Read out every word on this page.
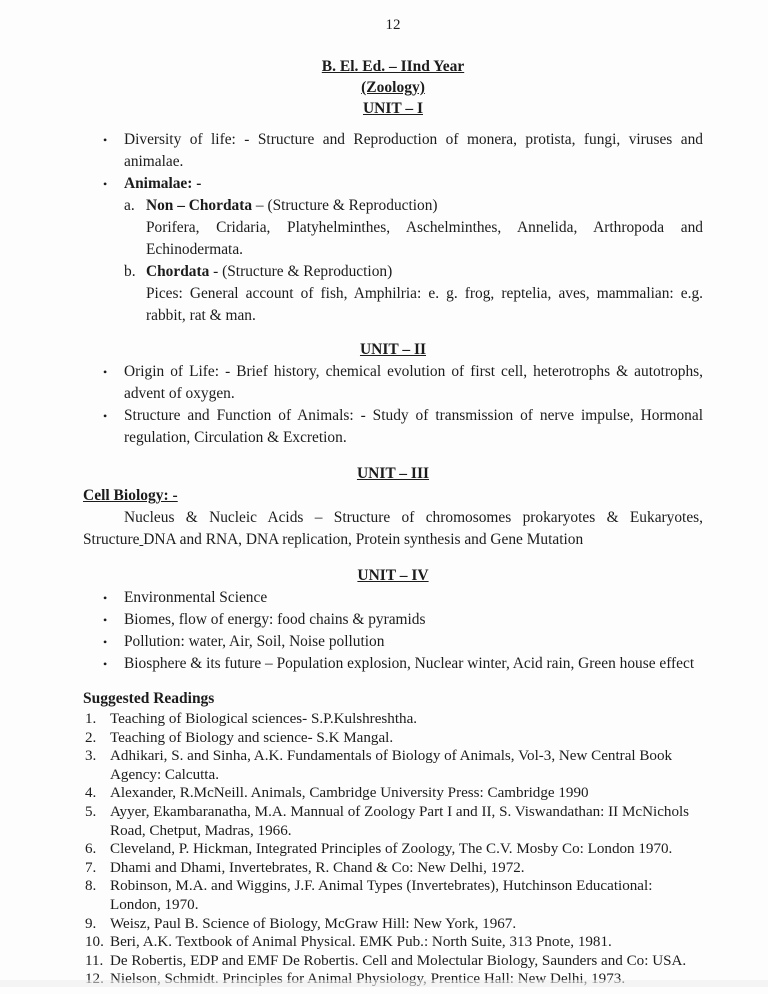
12
B. El. Ed. – IInd Year
(Zoology)
UNIT – I
•	Diversity of life: - Structure and Reproduction of monera, protista, fungi, viruses and animalae.
•	Animalae: -
a. Non – Chordata – (Structure & Reproduction)
Porifera, Cridaria, Platyhelminthes, Aschelminthes, Annelida, Arthropoda and Echinodermata.
b. Chordata - (Structure & Reproduction)
Pices: General account of fish, Amphilria: e. g. frog, reptelia, aves, mammalian: e.g. rabbit, rat & man.
UNIT – II
•	Origin of Life: - Brief history, chemical evolution of first cell, heterotrophs & autotrophs, advent of oxygen.
•	Structure and Function of Animals: - Study of transmission of nerve impulse, Hormonal regulation, Circulation & Excretion.
UNIT – III
Cell Biology: -
Nucleus & Nucleic Acids – Structure of chromosomes prokaryotes & Eukaryotes, Structure DNA and RNA, DNA replication, Protein synthesis and Gene Mutation
UNIT – IV
•	Environmental Science
•	Biomes, flow of energy: food chains & pyramids
•	Pollution: water, Air, Soil, Noise pollution
•	Biosphere & its future – Population explosion, Nuclear winter, Acid rain, Green house effect
Suggested Readings
1. Teaching of Biological sciences- S.P.Kulshreshtha.
2. Teaching of Biology and science- S.K Mangal.
3. Adhikari, S. and Sinha, A.K. Fundamentals of Biology of Animals, Vol-3, New Central Book Agency: Calcutta.
4. Alexander, R.McNeill. Animals, Cambridge University Press: Cambridge 1990
5. Ayyer, Ekambaranatha, M.A. Mannual of Zoology Part I and II, S. Viswandathan: II McNichols Road, Chetput, Madras, 1966.
6. Cleveland, P. Hickman, Integrated Principles of Zoology, The C.V. Mosby Co: London 1970.
7. Dhami and Dhami, Invertebrates, R. Chand & Co: New Delhi, 1972.
8. Robinson, M.A. and Wiggins, J.F. Animal Types (Invertebrates), Hutchinson Educational: London, 1970.
9. Weisz, Paul B. Science of Biology, McGraw Hill: New York, 1967.
10. Beri, A.K. Textbook of Animal Physical. EMK Pub.: North Suite, 313 Pnote, 1981.
11. De Robertis, EDP and EMF De Robertis. Cell and Molectular Biology, Saunders and Co: USA.
